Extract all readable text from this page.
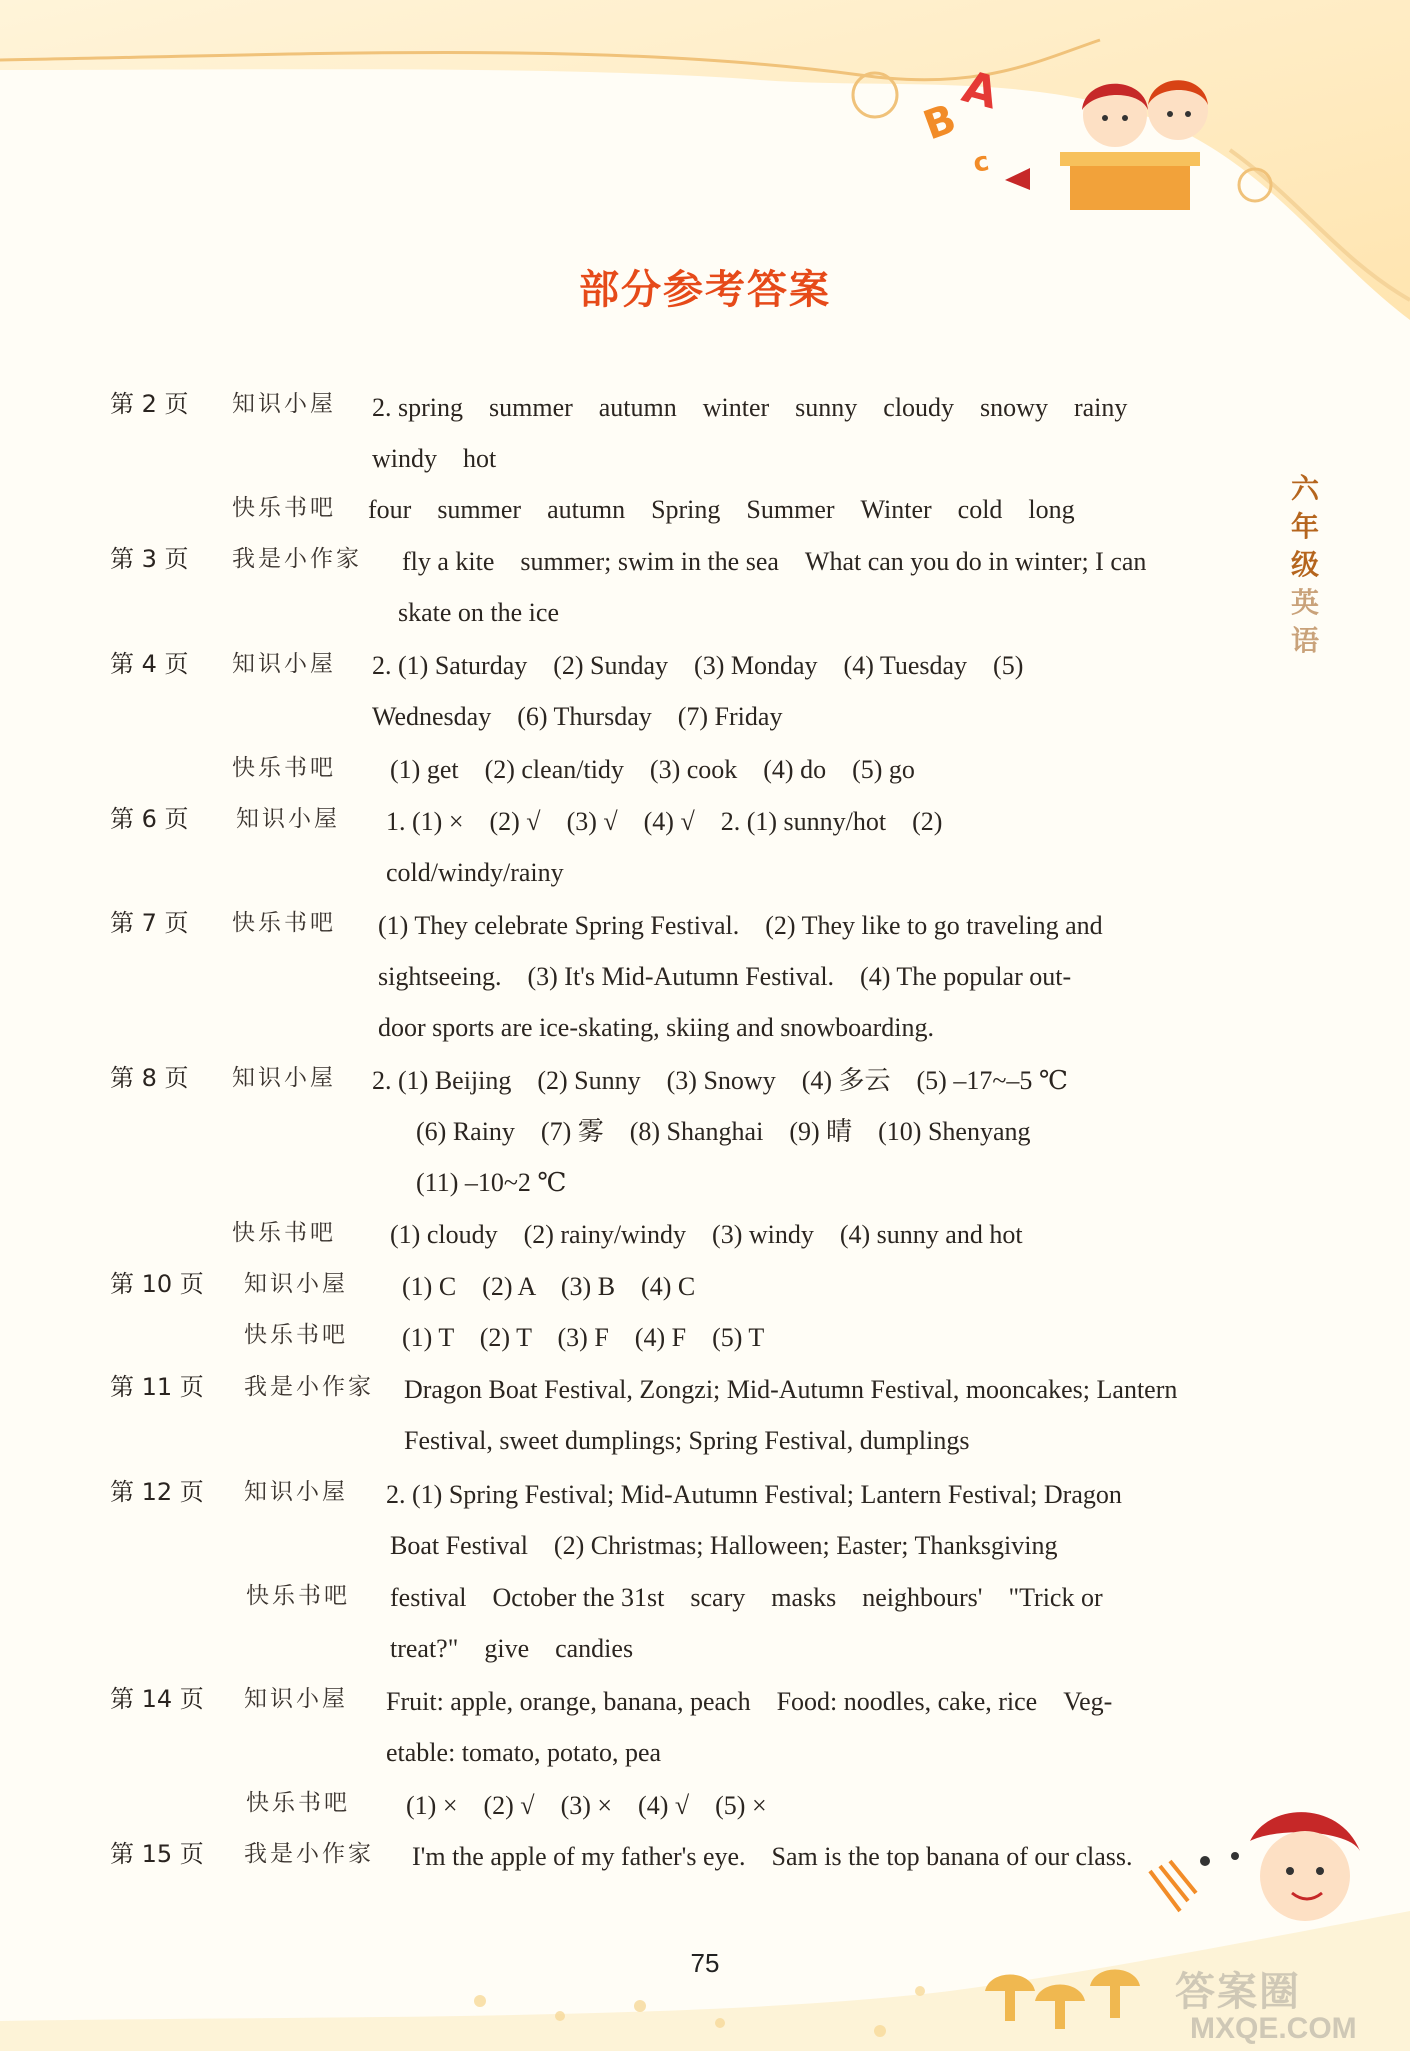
B
A
c
部分参考答案
六
年
级
英
语
第 2 页	知识小屋 2. spring　summer　autumn　winter　sunny　cloudy　snowy　rainy
windy　hot
快乐书吧 four　summer　autumn　Spring　Summer　Winter　cold　long
第 3 页	我是小作家 fly a kite　summer; swim in the sea　What can you do in winter; I can
skate on the ice
第 4 页	知识小屋 2. (1) Saturday　(2) Sunday　(3) Monday　(4) Tuesday　(5)
Wednesday　(6) Thursday　(7) Friday
快乐书吧 (1) get　(2) clean/tidy　(3) cook　(4) do　(5) go
第 6 页	知识小屋 1. (1) ×　(2) √　(3) √　(4) √　2. (1) sunny/hot　(2)
cold/windy/rainy
第 7 页	快乐书吧 (1) They celebrate Spring Festival.　(2) They like to go traveling and
sightseeing.　(3) It's Mid-Autumn Festival.　(4) The popular out-
door sports are ice-skating, skiing and snowboarding.
第 8 页	知识小屋 2. (1) Beijing　(2) Sunny　(3) Snowy　(4) 多云　(5) –17~–5 ℃
(6) Rainy　(7) 雾　(8) Shanghai　(9) 晴　(10) Shenyang
(11) –10~2 ℃
快乐书吧 (1) cloudy　(2) rainy/windy　(3) windy　(4) sunny and hot
第 10 页	知识小屋 (1) C　(2) A　(3) B　(4) C
快乐书吧 (1) T　(2) T　(3) F　(4) F　(5) T
第 11 页	我是小作家 Dragon Boat Festival, Zongzi; Mid-Autumn Festival, mooncakes; Lantern
Festival, sweet dumplings; Spring Festival, dumplings
第 12 页	知识小屋 2. (1) Spring Festival; Mid-Autumn Festival; Lantern Festival; Dragon
Boat Festival　(2) Christmas; Halloween; Easter; Thanksgiving
快乐书吧 festival　October the 31st　scary　masks　neighbours'　"Trick or
treat?"　give　candies
第 14 页	知识小屋 Fruit: apple, orange, banana, peach　Food: noodles, cake, rice　Veg-
etable: tomato, potato, pea
快乐书吧 (1) ×　(2) √　(3) ×　(4) √　(5) ×
第 15 页	我是小作家 I'm the apple of my father's eye.　Sam is the top banana of our class.
75
答案圈
MXQE.COM
